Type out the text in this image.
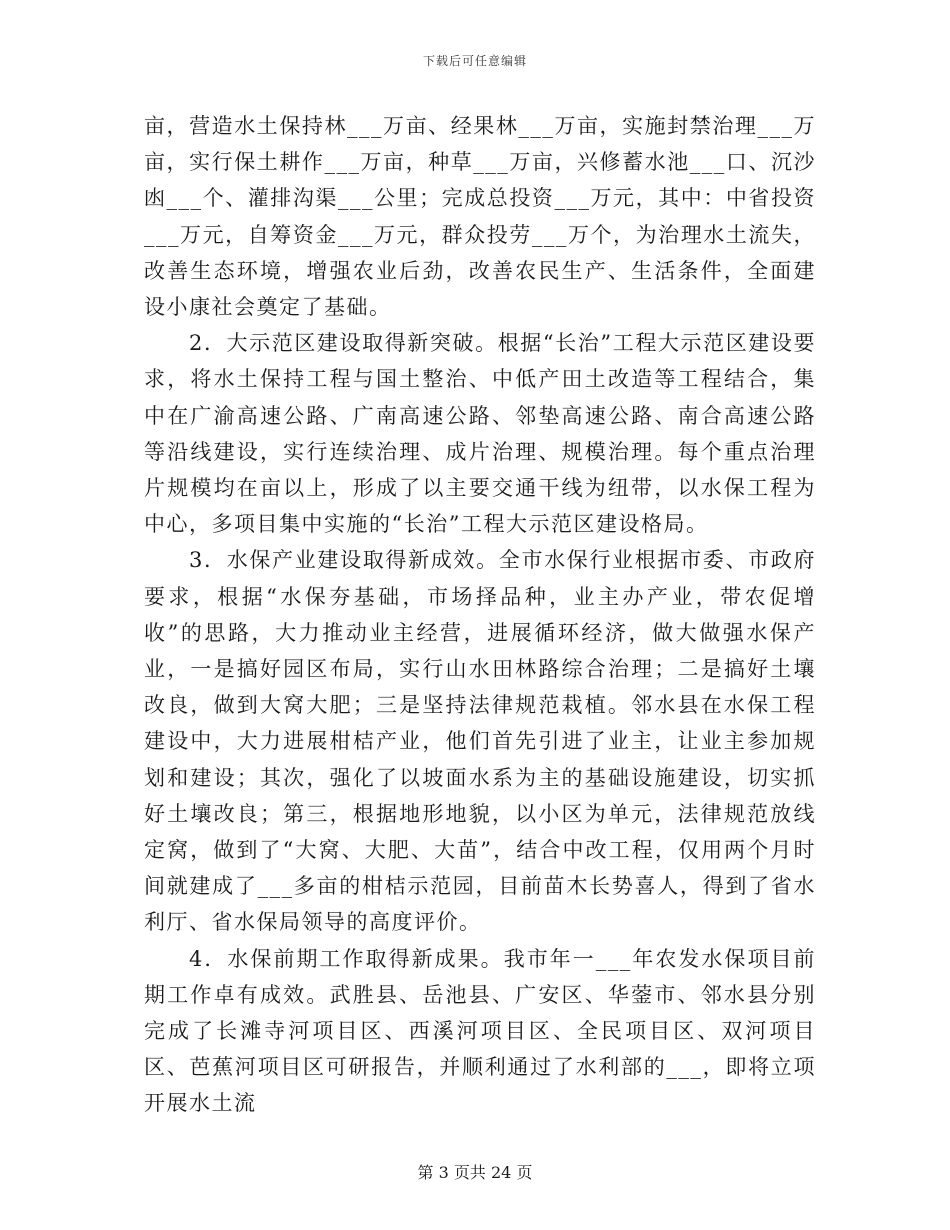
下载后可任意编辑

亩，营造水土保持林___万亩、经果林___万亩，实施封禁治理___万亩，实行保土耕作___万亩，种草___万亩，兴修蓄水池___口、沉沙凼___个、灌排沟渠___公里；完成总投资___万元，其中：中省投资___万元，自筹资金___万元，群众投劳___万个，为治理水土流失，改善生态环境，增强农业后劲，改善农民生产、生活条件，全面建设小康社会奠定了基础。

2．大示范区建设取得新突破。根据“长治”工程大示范区建设要求，将水土保持工程与国土整治、中低产田土改造等工程结合，集中在广渝高速公路、广南高速公路、邻垫高速公路、南合高速公路等沿线建设，实行连续治理、成片治理、规模治理。每个重点治理片规模均在亩以上，形成了以主要交通干线为纽带，以水保工程为中心，多项目集中实施的“长治”工程大示范区建设格局。

3．水保产业建设取得新成效。全市水保行业根据市委、市政府要求，根据“水保夯基础，市场择品种，业主办产业，带农促增收”的思路，大力推动业主经营，进展循环经济，做大做强水保产业，一是搞好园区布局，实行山水田林路综合治理；二是搞好土壤改良，做到大窝大肥；三是坚持法律规范栽植。邻水县在水保工程建设中，大力进展柑桔产业，他们首先引进了业主，让业主参加规划和建设；其次，强化了以坡面水系为主的基础设施建设，切实抓好土壤改良；第三，根据地形地貌，以小区为单元，法律规范放线定窝，做到了“大窝、大肥、大苗”，结合中改工程，仅用两个月时间就建成了___多亩的柑桔示范园，目前苗木长势喜人，得到了省水利厅、省水保局领导的高度评价。

4．水保前期工作取得新成果。我市年一___年农发水保项目前期工作卓有成效。武胜县、岳池县、广安区、华蓥市、邻水县分别完成了长滩寺河项目区、西溪河项目区、全民项目区、双河项目区、芭蕉河项目区可研报告，并顺利通过了水利部的___，即将立项开展水土流

第 3 页共 24 页
